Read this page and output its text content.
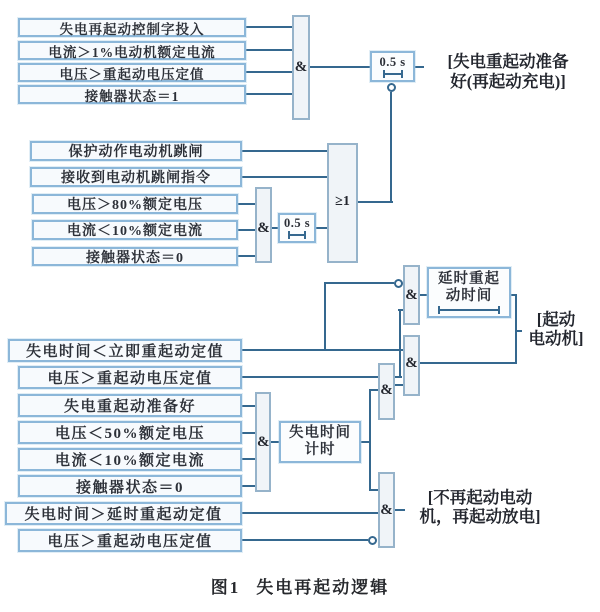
失电再起动控制字投入
电流＞1%电动机额定电流
电压＞重起动电压定值
接触器状态＝1
保护动作电动机跳闸
接收到电动机跳闸指令
电压＞80%额定电压
电流＜10%额定电流
接触器状态＝0
失电时间＜立即重起动定值
电压＞重起动电压定值
失电重起动准备好
电压＜50%额定电压
电流＜10%额定电流
接触器状态＝0
失电时间＞延时重起动定值
电压＞重起动电压定值
&
&
≥1
&
&
&
&
&
0.5 s
0.5 s
延时重起
动时间
失电时间
计时
[失电重起动准备
好(再起动充电)]
[起动
电动机]
[不再起动电动
机，再起动放电]
图1 失电再起动逻辑
